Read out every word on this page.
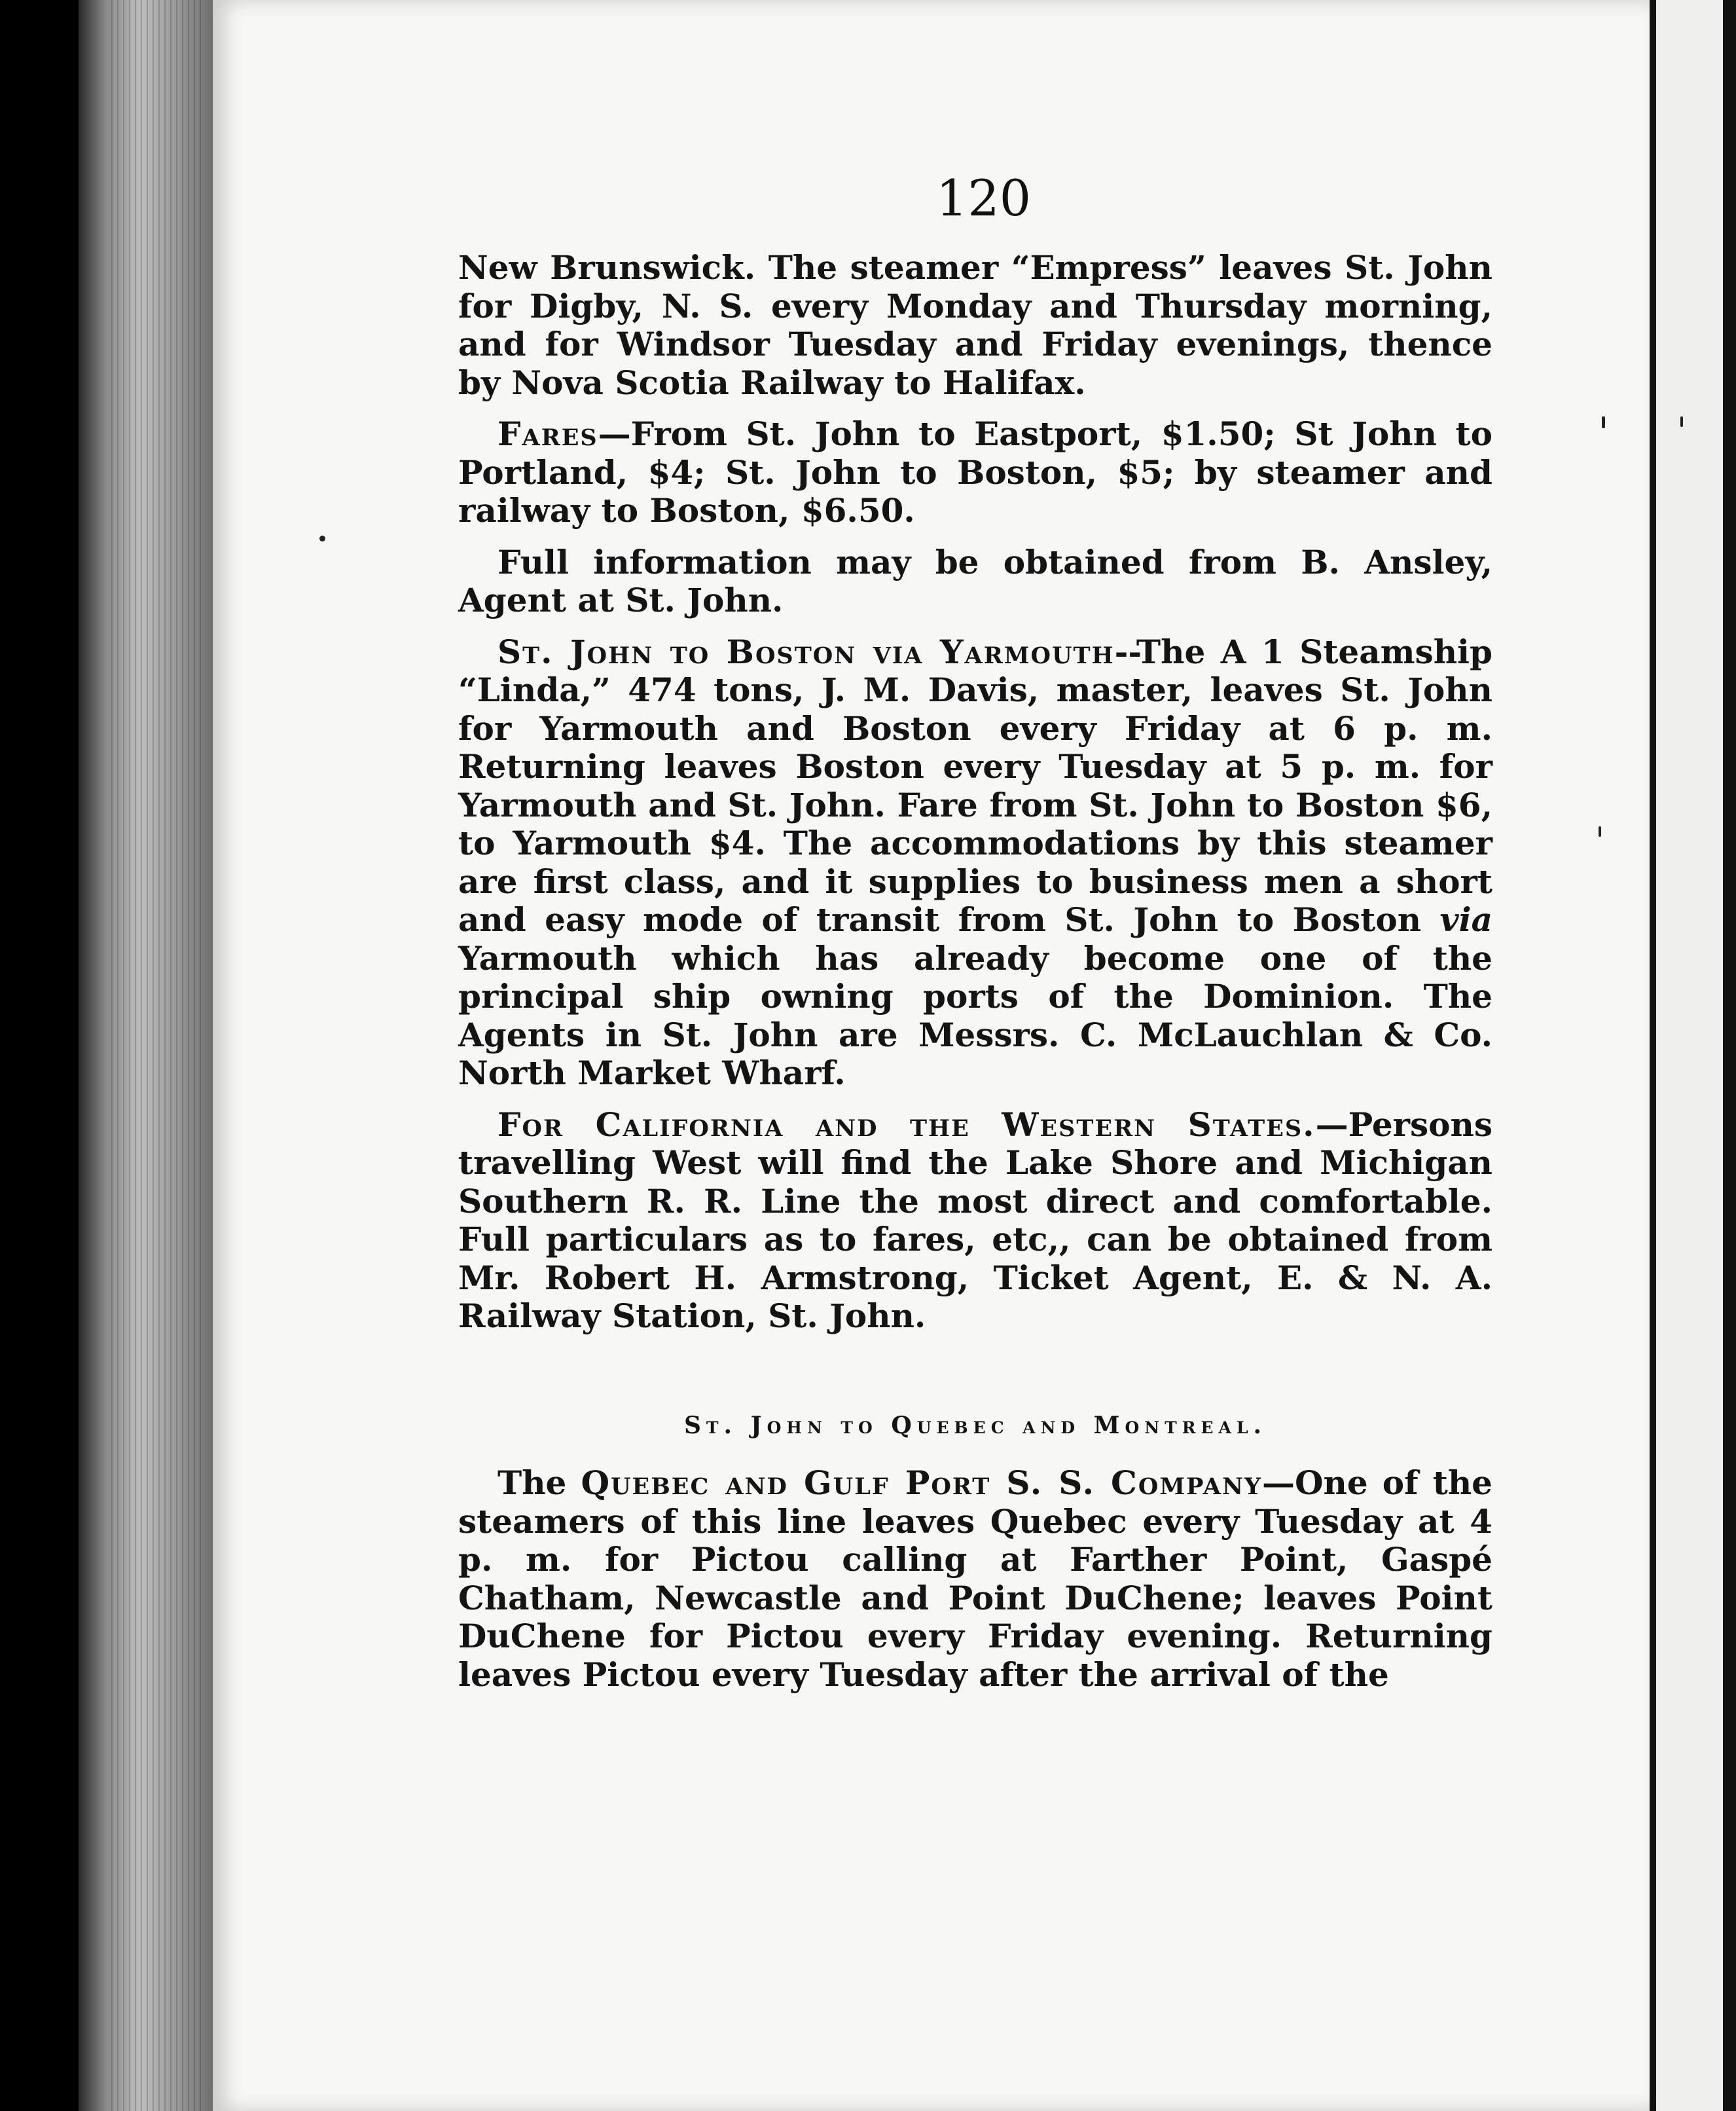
120

New Brunswick. The steamer “Empress” leaves St. John for Digby, N. S. every Monday and Thursday morning, and for Windsor Tuesday and Friday evenings, thence by Nova Scotia Railway to Halifax.

Fares—From St. John to Eastport, $1.50; St John to Portland, $4; St. John to Boston, $5; by steamer and railway to Boston, $6.50.

Full information may be obtained from B. Ansley, Agent at St. John.

St. John to Boston via Yarmouth--The A 1 Steamship “Linda,” 474 tons, J. M. Davis, master, leaves St. John for Yarmouth and Boston every Friday at 6 p. m. Returning leaves Boston every Tuesday at 5 p. m. for Yarmouth and St. John. Fare from St. John to Boston $6, to Yarmouth $4. The accommodations by this steamer are first class, and it supplies to business men a short and easy mode of transit from St. John to Boston via Yarmouth which has already become one of the principal ship owning ports of the Dominion. The Agents in St. John are Messrs. C. McLauchlan & Co. North Market Wharf.

For California and the Western States.—Persons travelling West will find the Lake Shore and Michigan Southern R. R. Line the most direct and comfortable. Full particulars as to fares, etc,, can be obtained from Mr. Robert H. Armstrong, Ticket Agent, E. & N. A. Railway Station, St. John.

St. John to Quebec and Montreal.

The Quebec and Gulf Port S. S. Company—One of the steamers of this line leaves Quebec every Tuesday at 4 p. m. for Pictou calling at Farther Point, Gaspé Chatham, Newcastle and Point DuChene; leaves Point DuChene for Pictou every Friday evening. Returning leaves Pictou every Tuesday after the arrival of the
